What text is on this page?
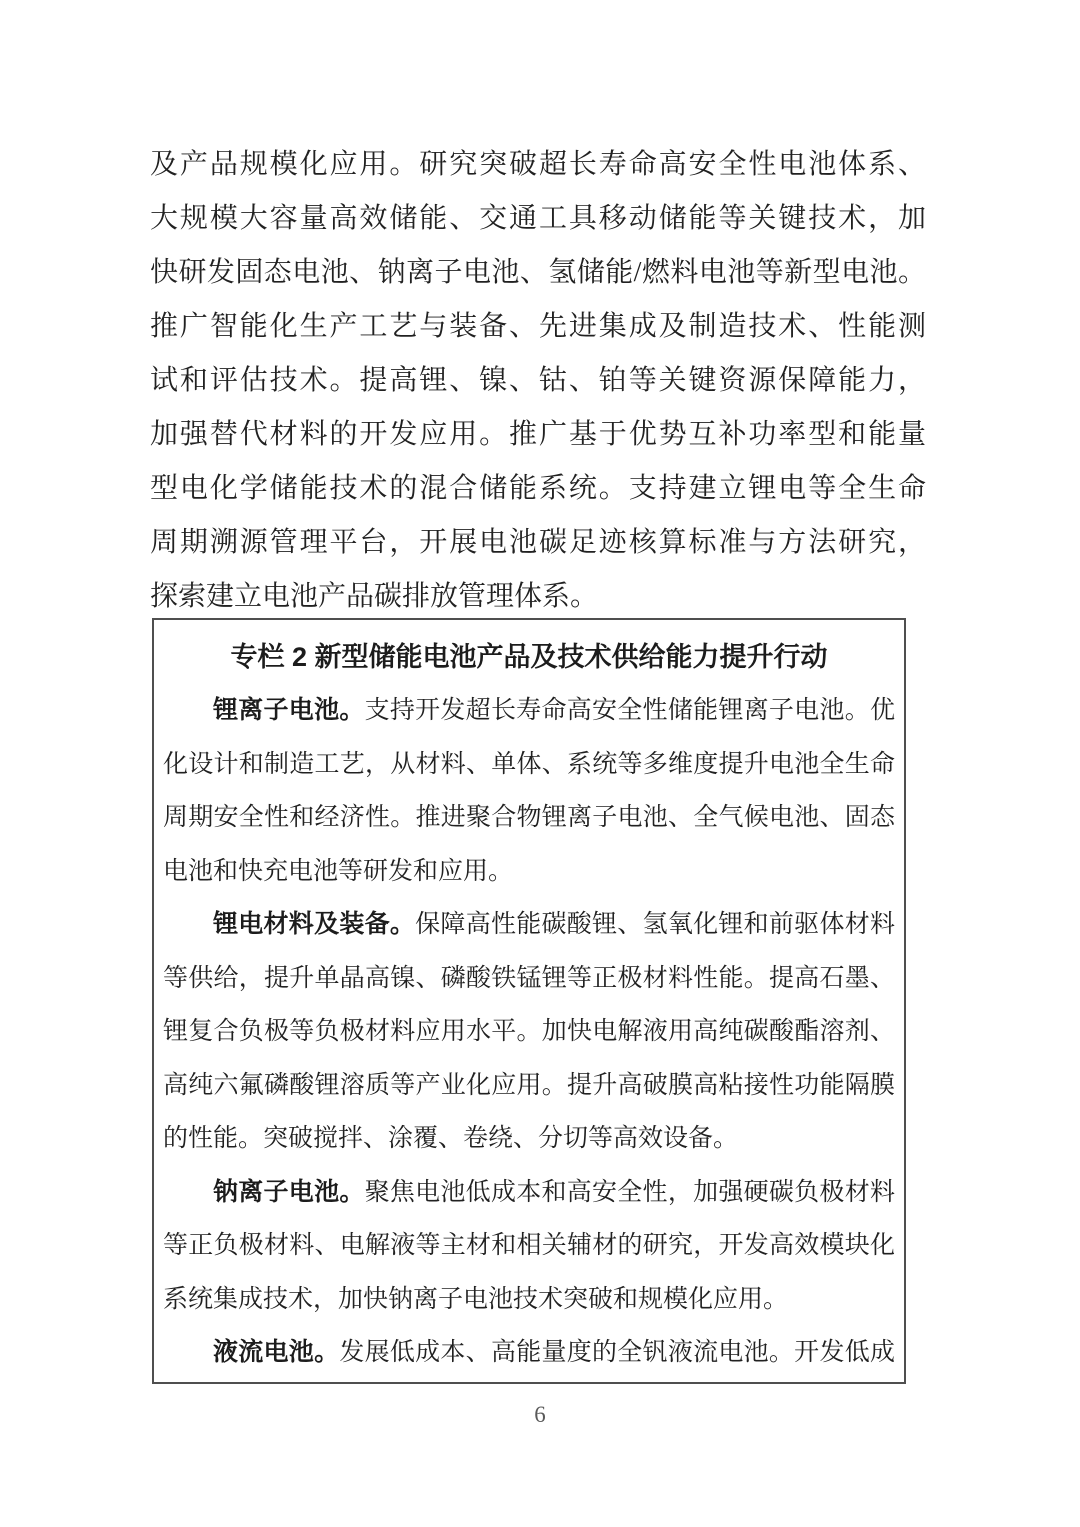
及产品规模化应用。研究突破超长寿命高安全性电池体系、
大规模大容量高效储能、交通工具移动储能等关键技术，加
快研发固态电池、钠离子电池、氢储能/燃料电池等新型电池。
推广智能化生产工艺与装备、先进集成及制造技术、性能测
试和评估技术。提高锂、镍、钴、铂等关键资源保障能力，
加强替代材料的开发应用。推广基于优势互补功率型和能量
型电化学储能技术的混合储能系统。支持建立锂电等全生命
周期溯源管理平台，开展电池碳足迹核算标准与方法研究，
探索建立电池产品碳排放管理体系。
专栏 2 新型储能电池产品及技术供给能力提升行动
锂离子电池。支持开发超长寿命高安全性储能锂离子电池。优
化设计和制造工艺，从材料、单体、系统等多维度提升电池全生命
周期安全性和经济性。推进聚合物锂离子电池、全气候电池、固态
电池和快充电池等研发和应用。
锂电材料及装备。保障高性能碳酸锂、氢氧化锂和前驱体材料
等供给，提升单晶高镍、磷酸铁锰锂等正极材料性能。提高石墨、
锂复合负极等负极材料应用水平。加快电解液用高纯碳酸酯溶剂、
高纯六氟磷酸锂溶质等产业化应用。提升高破膜高粘接性功能隔膜
的性能。突破搅拌、涂覆、卷绕、分切等高效设备。
钠离子电池。聚焦电池低成本和高安全性，加强硬碳负极材料
等正负极材料、电解液等主材和相关辅材的研究，开发高效模块化
系统集成技术，加快钠离子电池技术突破和规模化应用。
液流电池。发展低成本、高能量度的全钒液流电池。开发低成
6
